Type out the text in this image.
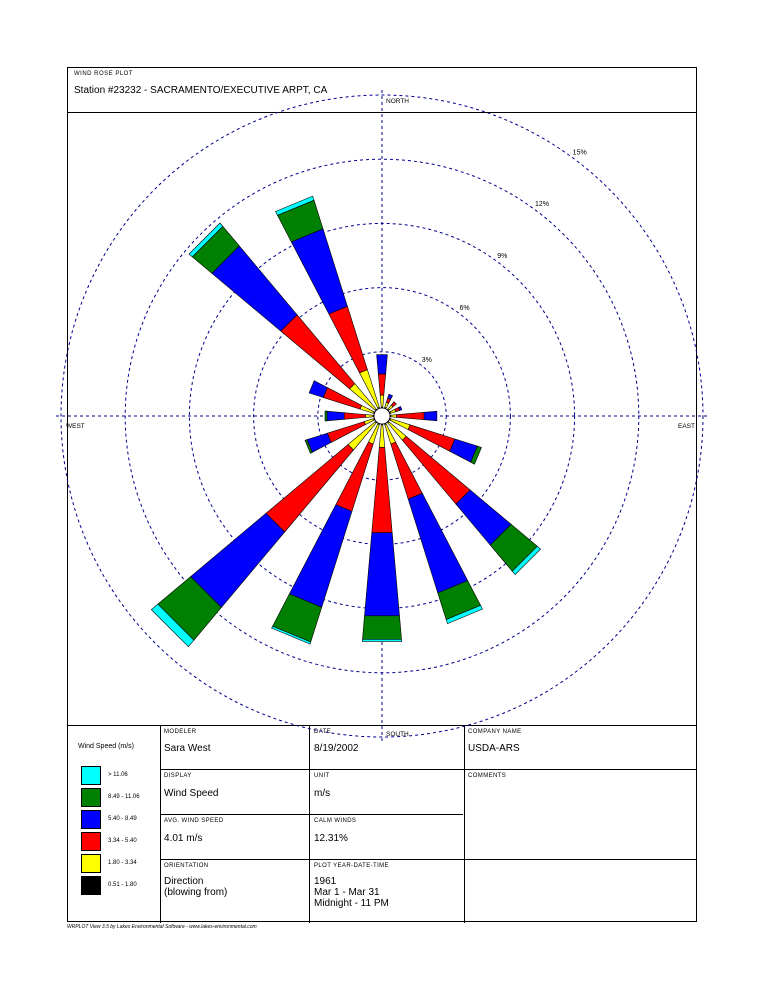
WIND ROSE PLOT
Station #23232 - SACRAMENTO/EXECUTIVE ARPT, CA
Wind Speed (m/s)
MODELER
Sara West
DATE
8/19/2002
COMPANY NAME
USDA-ARS
DISPLAY
Wind Speed
UNIT
m/s
COMMENTS
AVG. WIND SPEED
4.01 m/s
CALM WINDS
12.31%
ORIENTATION
Direction
(blowing from)
PLOT YEAR-DATE-TIME
1961
Mar 1 - Mar 31
Midnight - 11 PM
> 11.06
8.49 - 11.06
5.40 - 8.49
3.34 - 5.40
1.80 - 3.34
0.51 - 1.80
3%
6%
9%
12%
15%
NORTH
SOUTH
EAST
WEST
WRPLOT View 3.5 by Lakes Environmental Software - www.lakes-environmental.com
